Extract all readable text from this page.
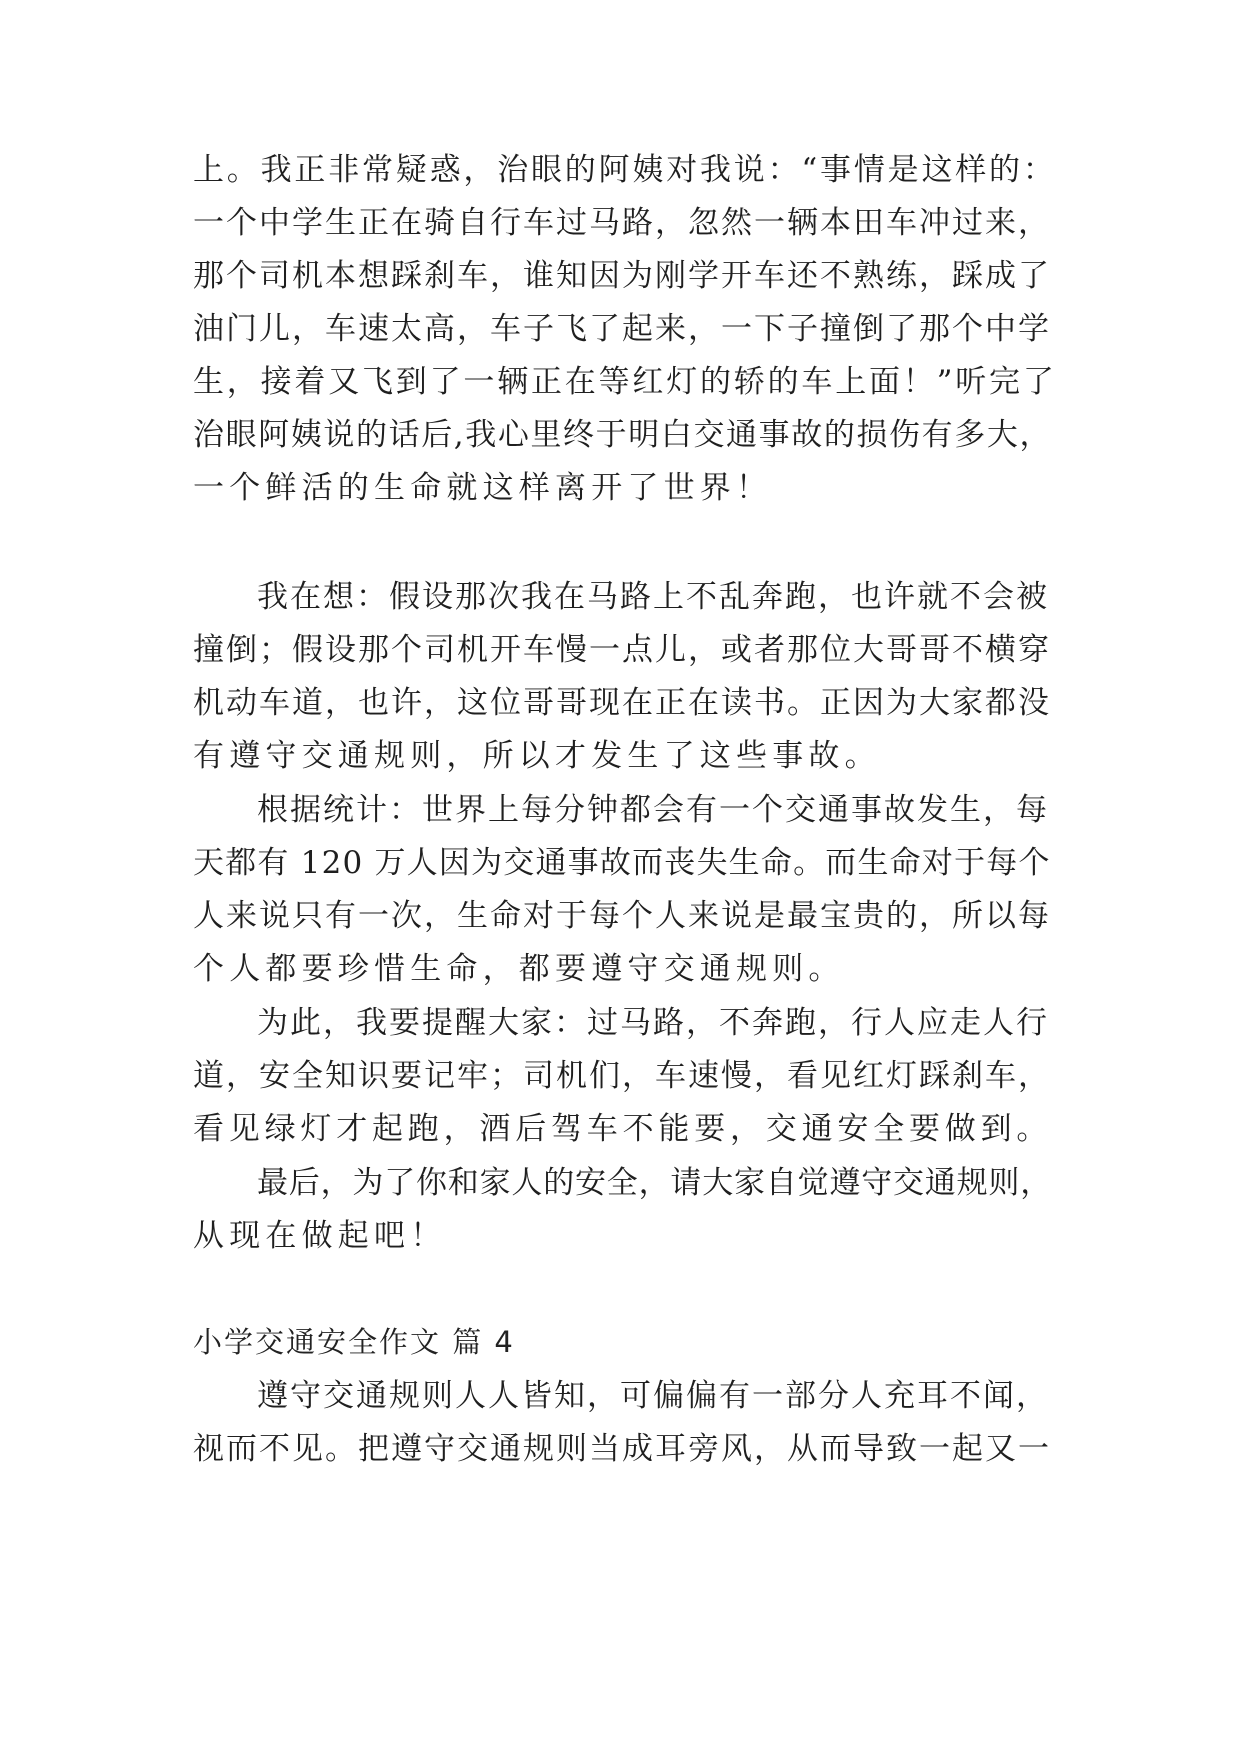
上。我正非常疑惑，治眼的阿姨对我说：“事情是这样的：
一个中学生正在骑自行车过马路，忽然一辆本田车冲过来，
那个司机本想踩刹车，谁知因为刚学开车还不熟练，踩成了
油门儿，车速太高，车子飞了起来，一下子撞倒了那个中学
生，接着又飞到了一辆正在等红灯的轿的车上面！”听完了
治眼阿姨说的话后,我心里终于明白交通事故的损伤有多大，
一个鲜活的生命就这样离开了世界！
我在想：假设那次我在马路上不乱奔跑，也许就不会被
撞倒；假设那个司机开车慢一点儿，或者那位大哥哥不横穿
机动车道，也许，这位哥哥现在正在读书。正因为大家都没
有遵守交通规则，所以才发生了这些事故。
根据统计：世界上每分钟都会有一个交通事故发生，每
天都有 120 万人因为交通事故而丧失生命。而生命对于每个
人来说只有一次，生命对于每个人来说是最宝贵的，所以每
个人都要珍惜生命，都要遵守交通规则。
为此，我要提醒大家：过马路，不奔跑，行人应走人行
道，安全知识要记牢；司机们，车速慢，看见红灯踩刹车，
看见绿灯才起跑，酒后驾车不能要，交通安全要做到。
最后，为了你和家人的安全，请大家自觉遵守交通规则，
从现在做起吧！
小学交通安全作文 篇 4
遵守交通规则人人皆知，可偏偏有一部分人充耳不闻，
视而不见。把遵守交通规则当成耳旁风，从而导致一起又一
